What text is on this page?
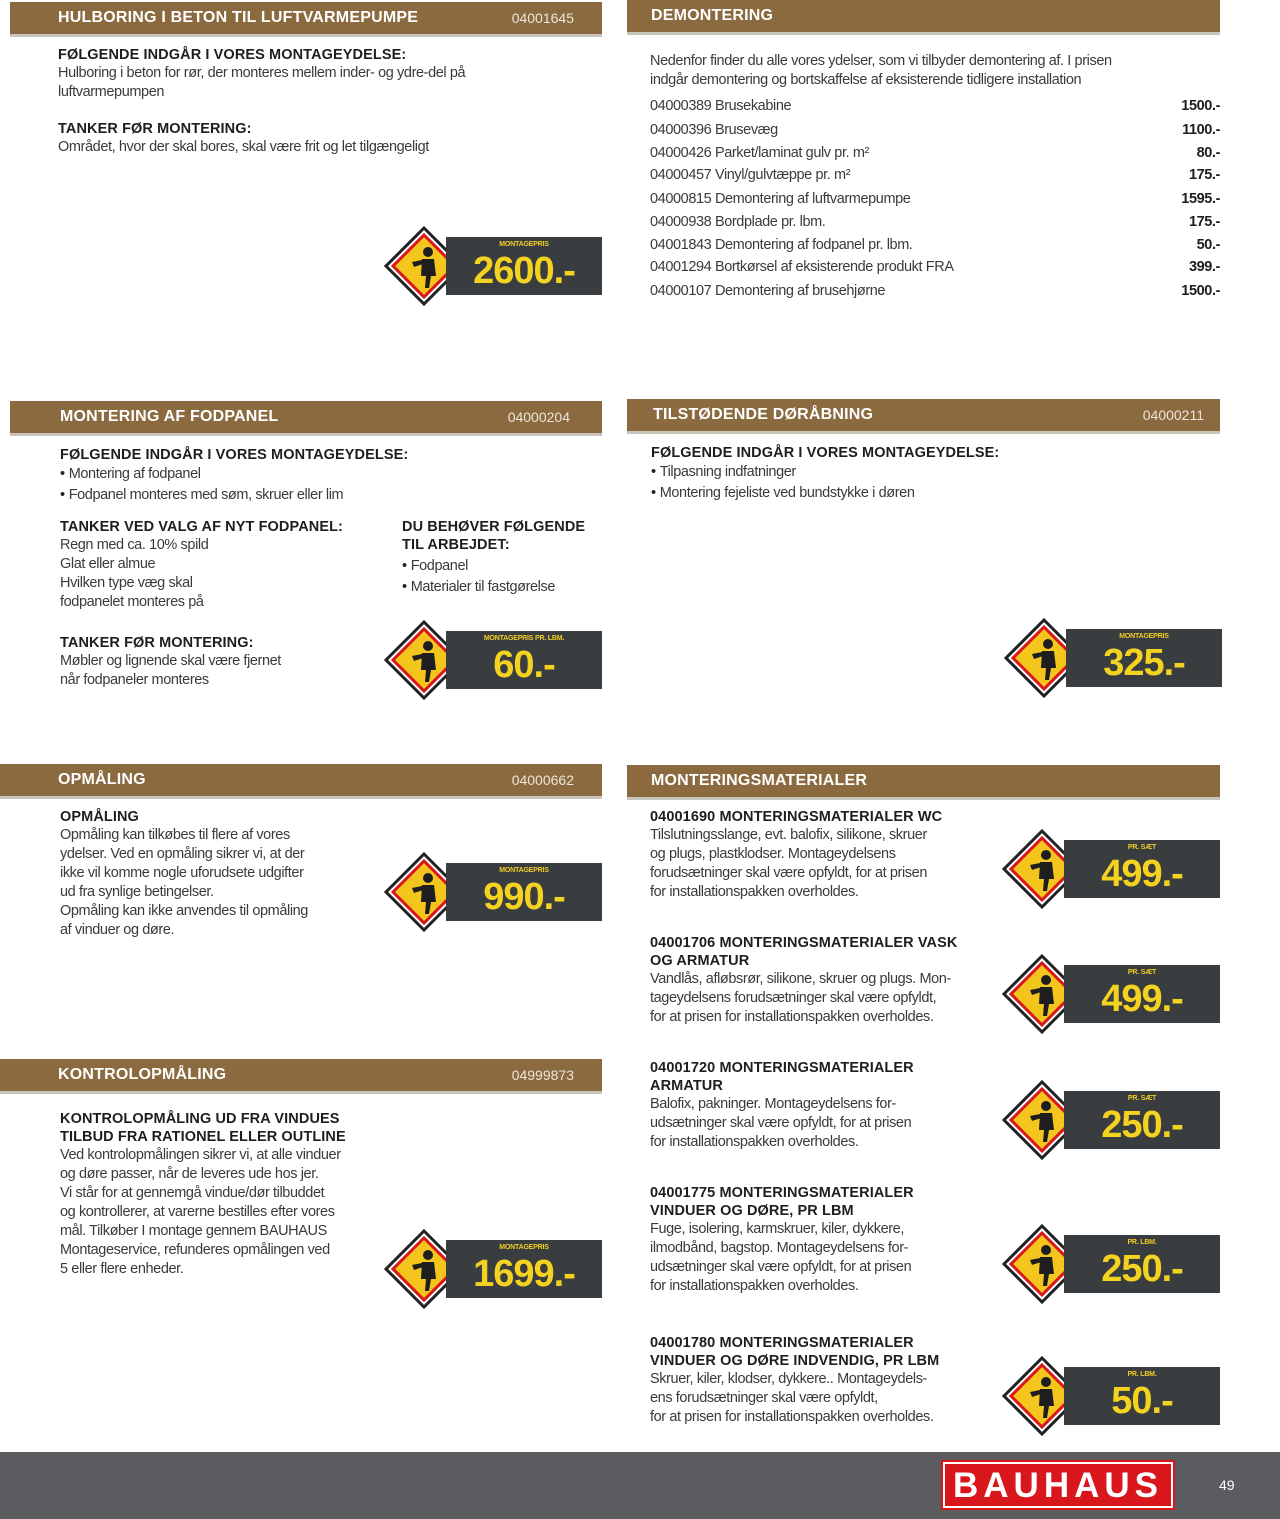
HULBORING I BETON TIL LUFTVARMEPUMPE	04001645
FØLGENDE INDGÅR I VORES MONTAGEYDELSE:
Hulboring i beton for rør, der monteres mellem inder- og ydre-del på
luftvarmepumpen
TANKER FØR MONTERING:
Området, hvor der skal bores, skal være frit og let tilgængeligt
MONTAGEPRIS
2600.-
DEMONTERING
Nedenfor finder du alle vores ydelser, som vi tilbyder demontering af. I prisen
indgår demontering og bortskaffelse af eksisterende tidligere installation
04000389 Brusekabine	1500.-
04000396 Brusevæg	1100.-
04000426 Parket/laminat gulv pr. m²	80.-
04000457 Vinyl/gulvtæppe pr. m²	175.-
04000815 Demontering af luftvarmepumpe	1595.-
04000938 Bordplade pr. lbm.	175.-
04001843 Demontering af fodpanel pr. lbm.	50.-
04001294 Bortkørsel af eksisterende produkt FRA	399.-
04000107 Demontering af brusehjørne	1500.-
MONTERING AF FODPANEL	04000204
FØLGENDE INDGÅR I VORES MONTAGEYDELSE:
• Montering af fodpanel
• Fodpanel monteres med søm, skruer eller lim
TANKER VED VALG AF NYT FODPANEL:
Regn med ca. 10% spild
Glat eller almue
Hvilken type væg skal
fodpanelet monteres på
DU BEHØVER FØLGENDE
TIL ARBEJDET:
• Fodpanel
• Materialer til fastgørelse
TANKER FØR MONTERING:
Møbler og lignende skal være fjernet
når fodpaneler monteres
MONTAGEPRIS PR. LBM.
60.-
TILSTØDENDE DØRÅBNING	04000211
FØLGENDE INDGÅR I VORES MONTAGEYDELSE:
• Tilpasning indfatninger
• Montering fejeliste ved bundstykke i døren
MONTAGEPRIS
325.-
OPMÅLING	04000662
OPMÅLING
Opmåling kan tilkøbes til flere af vores
ydelser. Ved en opmåling sikrer vi, at der
ikke vil komme nogle uforudsete udgifter
ud fra synlige betingelser.
Opmåling kan ikke anvendes til opmåling
af vinduer og døre.
MONTAGEPRIS
990.-
KONTROLOPMÅLING	04999873
KONTROLOPMÅLING UD FRA VINDUES
TILBUD FRA RATIONEL ELLER OUTLINE
Ved kontrolopmålingen sikrer vi, at alle vinduer
og døre passer, når de leveres ude hos jer.
Vi står for at gennemgå vindue/dør tilbuddet
og kontrollerer, at varerne bestilles efter vores
mål. Tilkøber I montage gennem BAUHAUS
Montageservice, refunderes opmålingen ved
5 eller flere enheder.
MONTAGEPRIS
1699.-
MONTERINGSMATERIALER
04001690 MONTERINGSMATERIALER WC
Tilslutningsslange, evt. balofix, silikone, skruer
og plugs, plastklodser. Montageydelsens
forudsætninger skal være opfyldt, for at prisen
for installationspakken overholdes.
PR. SÆT
499.-
04001706 MONTERINGSMATERIALER VASK
OG ARMATUR
Vandlås, afløbsrør, silikone, skruer og plugs. Mon-
tageydelsens forudsætninger skal være opfyldt,
for at prisen for installationspakken overholdes.
PR. SÆT
499.-
04001720 MONTERINGSMATERIALER
ARMATUR
Balofix, pakninger. Montageydelsens for-
udsætninger skal være opfyldt, for at prisen
for installationspakken overholdes.
PR. SÆT
250.-
04001775 MONTERINGSMATERIALER
VINDUER OG DØRE, PR LBM
Fuge, isolering, karmskruer, kiler, dykkere,
ilmodbånd, bagstop. Montageydelsens for-
udsætninger skal være opfyldt, for at prisen
for installationspakken overholdes.
PR. LBM.
250.-
04001780 MONTERINGSMATERIALER
VINDUER OG DØRE INDVENDIG, PR LBM
Skruer, kiler, klodser, dykkere.. Montageydels-
ens forudsætninger skal være opfyldt,
for at prisen for installationspakken overholdes.
PR. LBM.
50.-
BAUHAUS	49
